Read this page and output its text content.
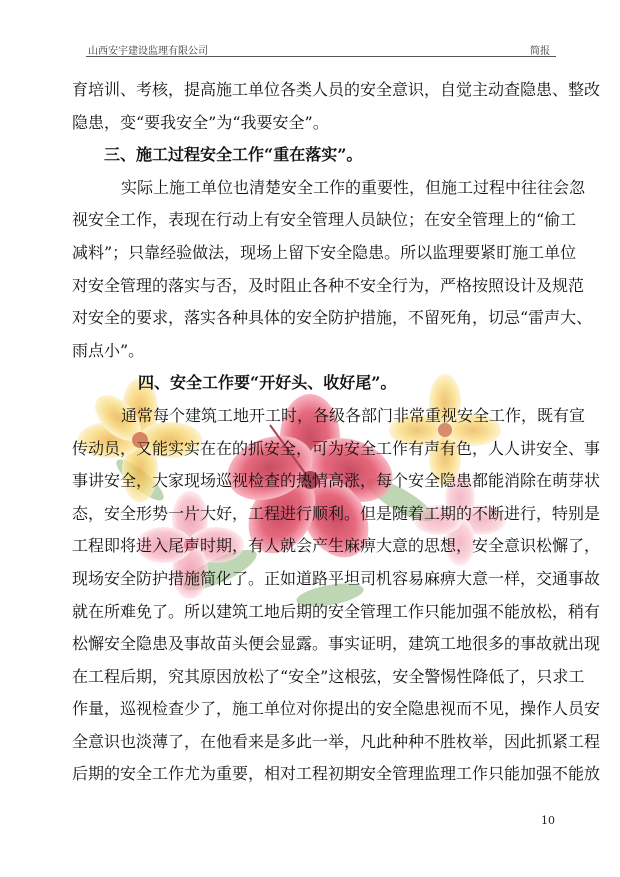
山西安宇建设监理有限公司	简报
育培训、考核，提高施工单位各类人员的安全意识，自觉主动查隐患、整改
隐患，变“要我安全”为“我要安全”。
三、施工过程安全工作“重在落实”。
实际上施工单位也清楚安全工作的重要性，但施工过程中往往会忽
视安全工作，表现在行动上有安全管理人员缺位；在安全管理上的“偷工
减料”；只靠经验做法，现场上留下安全隐患。所以监理要紧盯施工单位
对安全管理的落实与否，及时阻止各种不安全行为，严格按照设计及规范
对安全的要求，落实各种具体的安全防护措施，不留死角，切忌“雷声大、
雨点小”。
四、安全工作要“开好头、收好尾”。
通常每个建筑工地开工时，各级各部门非常重视安全工作，既有宣
传动员，又能实实在在的抓安全，可为安全工作有声有色，人人讲安全、事
事讲安全，大家现场巡视检查的热情高涨，每个安全隐患都能消除在萌芽状
态，安全形势一片大好，工程进行顺利。但是随着工期的不断进行，特别是
工程即将进入尾声时期，有人就会产生麻痹大意的思想，安全意识松懈了，
现场安全防护措施简化了。正如道路平坦司机容易麻痹大意一样，交通事故
就在所难免了。所以建筑工地后期的安全管理工作只能加强不能放松，稍有
松懈安全隐患及事故苗头便会显露。事实证明，建筑工地很多的事故就出现
在工程后期，究其原因放松了“安全”这根弦，安全警惕性降低了，只求工
作量，巡视检查少了，施工单位对你提出的安全隐患视而不见，操作人员安
全意识也淡薄了，在他看来是多此一举，凡此种种不胜枚举，因此抓紧工程
后期的安全工作尤为重要，相对工程初期安全管理监理工作只能加强不能放
10
